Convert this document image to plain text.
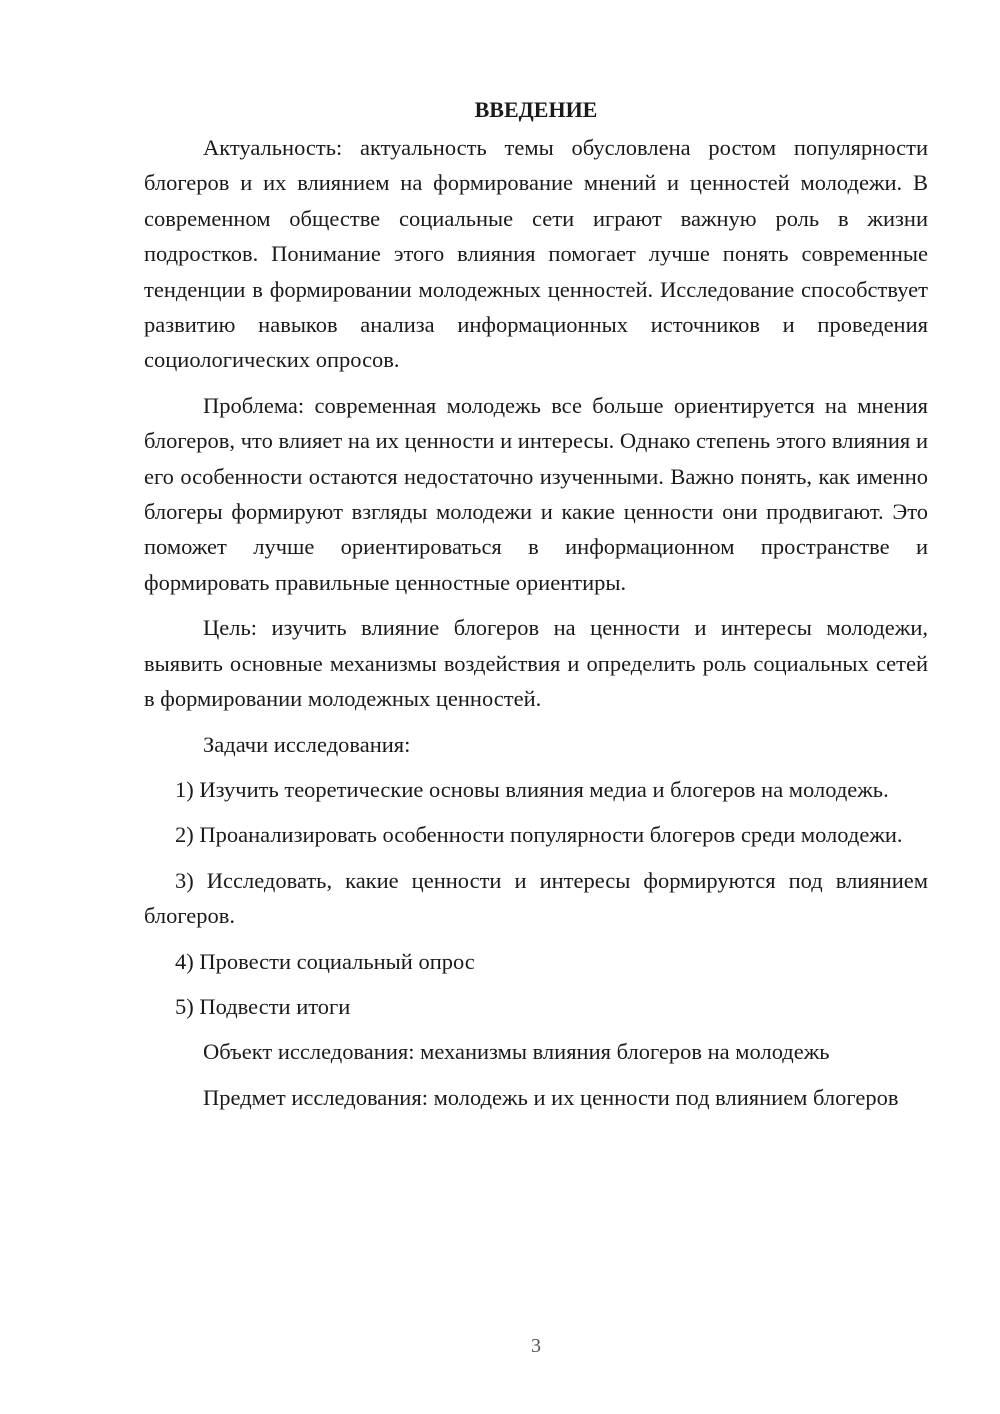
ВВЕДЕНИЕ

Актуальность: актуальность темы обусловлена ростом популярности блогеров и их влиянием на формирование мнений и ценностей молодежи. В современном обществе социальные сети играют важную роль в жизни подростков. Понимание этого влияния помогает лучше понять современные тенденции в формировании молодежных ценностей. Исследование способствует развитию навыков анализа информационных источников и проведения социологических опросов.

Проблема: современная молодежь все больше ориентируется на мнения блогеров, что влияет на их ценности и интересы. Однако степень этого влияния и его особенности остаются недостаточно изученными. Важно понять, как именно блогеры формируют взгляды молодежи и какие ценности они продвигают. Это поможет лучше ориентироваться в информационном пространстве и формировать правильные ценностные ориентиры.

Цель: изучить влияние блогеров на ценности и интересы молодежи, выявить основные механизмы воздействия и определить роль социальных сетей в формировании молодежных ценностей.

Задачи исследования:

1) Изучить теоретические основы влияния медиа и блогеров на молодежь.

2) Проанализировать особенности популярности блогеров среди молодежи.

3) Исследовать, какие ценности и интересы формируются под влиянием блогеров.

4) Провести социальный опрос

5) Подвести итоги

Объект исследования: механизмы влияния блогеров на молодежь

Предмет исследования: молодежь и их ценности под влиянием блогеров

3
